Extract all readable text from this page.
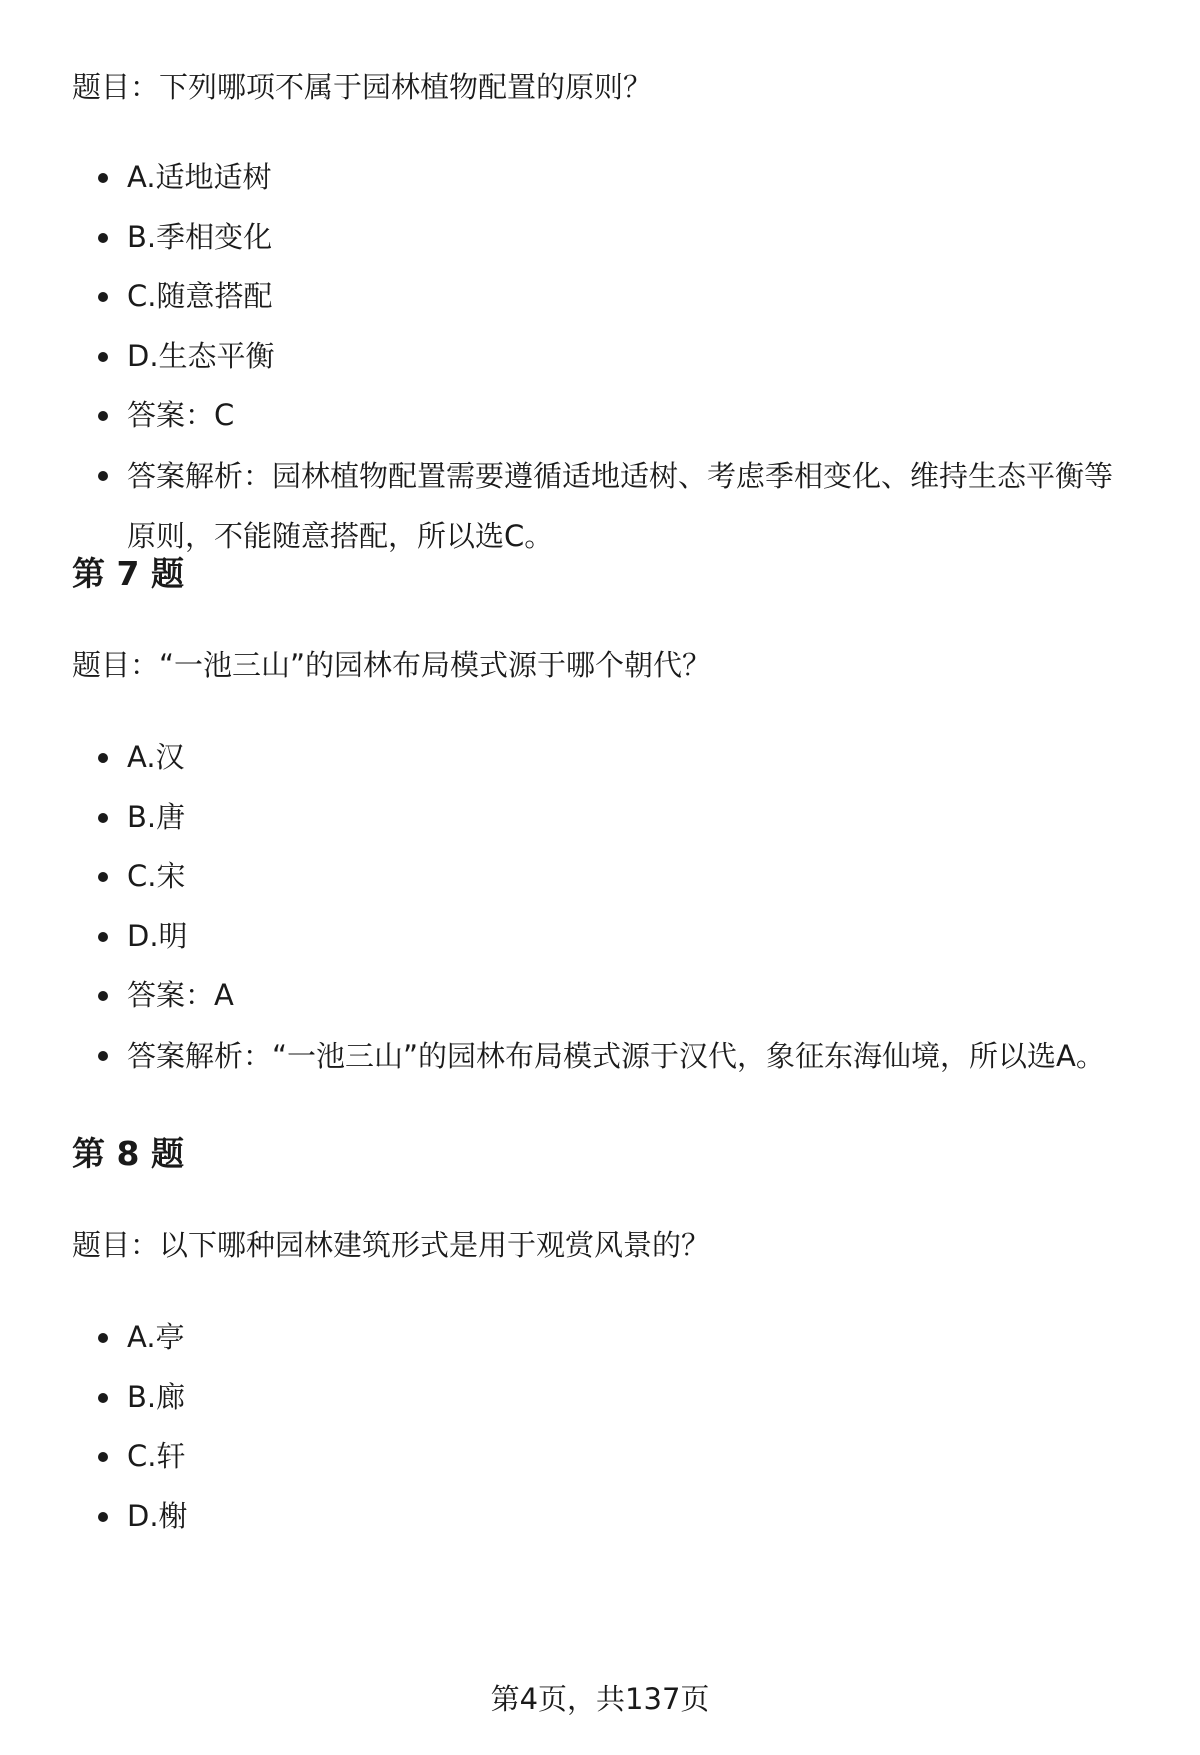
题目：下列哪项不属于园林植物配置的原则？
A.适地适树
B.季相变化
C.随意搭配
D.生态平衡
答案：C
答案解析：园林植物配置需要遵循适地适树、考虑季相变化、维持生态平衡等原则，不能随意搭配，所以选C。
第 7 题
题目：“一池三山”的园林布局模式源于哪个朝代？
A.汉
B.唐
C.宋
D.明
答案：A
答案解析：“一池三山”的园林布局模式源于汉代，象征东海仙境，所以选A。
第 8 题
题目：以下哪种园林建筑形式是用于观赏风景的？
A.亭
B.廊
C.轩
D.榭
第4页，共137页
